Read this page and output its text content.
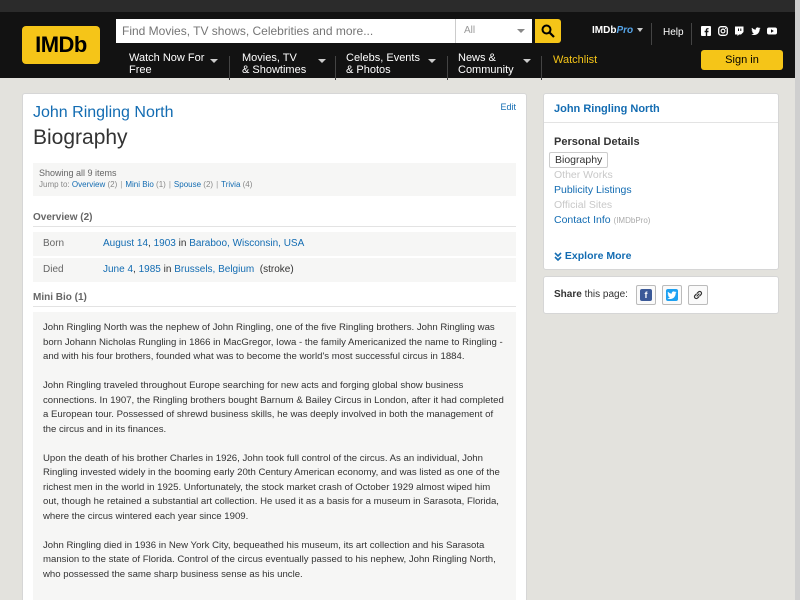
IMDb
Find Movies, TV shows, Celebrities and more...
All	IMDbPro	Help
Watch Now For
Free
Movies, TV
& Showtimes
Celebs, Events
& Photos
News &
Community
Watchlist	Sign in
John Ringling North	Edit
Biography
Showing all 9 items
Jump to: Overview (2) | Mini Bio (1) | Spouse (2) | Trivia (4)
Overview (2)
Born	August 14, 1903 in Baraboo, Wisconsin, USA
Died	June 4, 1985 in Brussels, Belgium (stroke)
Mini Bio (1)

John Ringling North was the nephew of John Ringling, one of the five Ringling brothers. John Ringling was born Johann Nicholas Rungling in 1866 in MacGregor, Iowa - the family Americanized the name to Ringling - and with his four brothers, founded what was to become the world's most successful circus in 1884.

John Ringling traveled throughout Europe searching for new acts and forging global show business connections. In 1907, the Ringling brothers bought Barnum & Bailey Circus in London, after it had completed a European tour. Possessed of shrewd business skills, he was deeply involved in both the management of the circus and in its finances.

Upon the death of his brother Charles in 1926, John took full control of the circus. As an individual, John Ringling invested widely in the booming early 20th Century American economy, and was listed as one of the richest men in the world in 1925. Unfortunately, the stock market crash of October 1929 almost wiped him out, though he retained a substantial art collection. He used it as a basis for a museum in Sarasota, Florida, where the circus wintered each year since 1909.

John Ringling died in 1936 in New York City, bequeathed his museum, its art collection and his Sarasota mansion to the state of Florida. Control of the circus eventually passed to his nephew, John Ringling North, who possessed the same sharp business sense as his uncle.

John Ringling North
Personal Details
Biography
Other Works
Publicity Listings
Official Sites
Contact Info (IMDbPro)
Explore More
Share this page:	f
